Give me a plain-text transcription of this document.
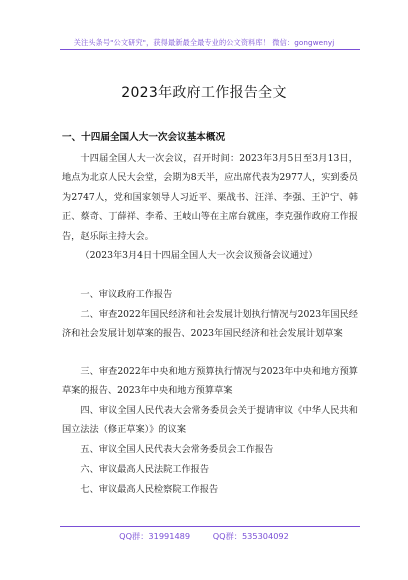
关注头条号"公文研究"，获得最新最全最专业的公文资料库！ 微信：gongwenyj
2023年政府工作报告全文
一、十四届全国人大一次会议基本概况
十四届全国人大一次会议，召开时间：2023年3月5日至3月13日，地点为北京人民大会堂，会期为8天半，应出席代表为2977人，实到委员为2747人，党和国家领导人习近平、栗战书、汪洋、李强、王沪宁、韩正、蔡奇、丁薛祥、李希、王岐山等在主席台就座，李克强作政府工作报告，赵乐际主持大会。
（2023年3月4日十四届全国人大一次会议预备会议通过）
一、审议政府工作报告
二、审查2022年国民经济和社会发展计划执行情况与2023年国民经济和社会发展计划草案的报告、2023年国民经济和社会发展计划草案
三、审查2022年中央和地方预算执行情况与2023年中央和地方预算草案的报告、2023年中央和地方预算草案
四、审议全国人民代表大会常务委员会关于提请审议《中华人民共和国立法法（修正草案）》的议案
五、审议全国人民代表大会常务委员会工作报告
六、审议最高人民法院工作报告
七、审议最高人民检察院工作报告
QQ群：31991489	QQ群：535304092
